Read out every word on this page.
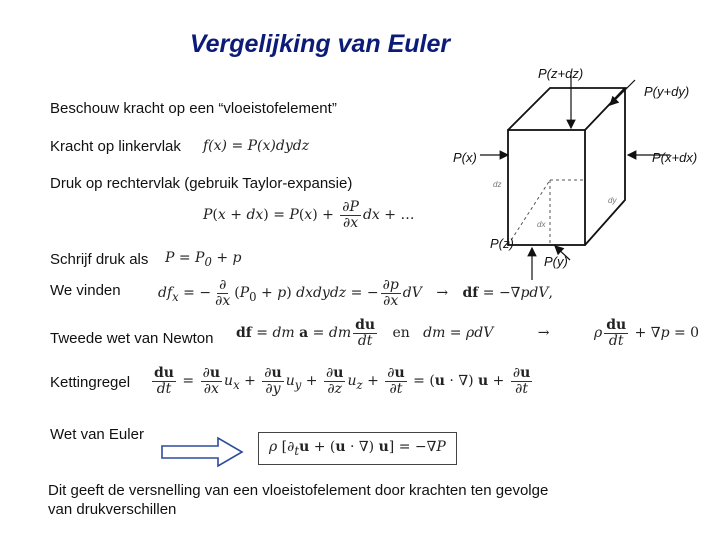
Vergelijking van Euler
Beschouw kracht op een “vloeistofelement”
Kracht op linkervlak
Druk op rechtervlak (gebruik Taylor-expansie)
Schrijf druk als
We vinden
Tweede wet van Newton
Kettingregel
Wet van Euler
Dit geeft de versnelling van een vloeistofelement door krachten ten gevolge
van drukverschillen
f(x) = P(x)dydz
$P(x + dx) = P(x) + \frac{\partial P}{\partial x}$ dx + …
$P = P_0 + p$
$df_x$ = − $\frac{\partial}{\partial x} (P_0 + p)$ dxdydz = − $\frac{\partial p}{\partial x}$ dV → df = −∇pdV,
df = dm a = dm $\frac{du}{dt}$ en   dm = ρdV	→	ρ $\frac{du}{dt} + \nabla p = 0$
$\frac{du}{dt} = \frac{\partial u}{\partial x} u_x + \frac{\partial u}{\partial y} u_y + \frac{\partial u}{\partial z} u_z + \frac{\partial u}{\partial t} = (u$ · ∇) $u + \frac{\partial u}{\partial t}$
ρ [$\partial_tu + (u$ · ∇) u] = −∇P
P(z+dz)
P(y+dy)
P(x)	P(x+dx)
P(z)
P(y)
dz
dy
dx
